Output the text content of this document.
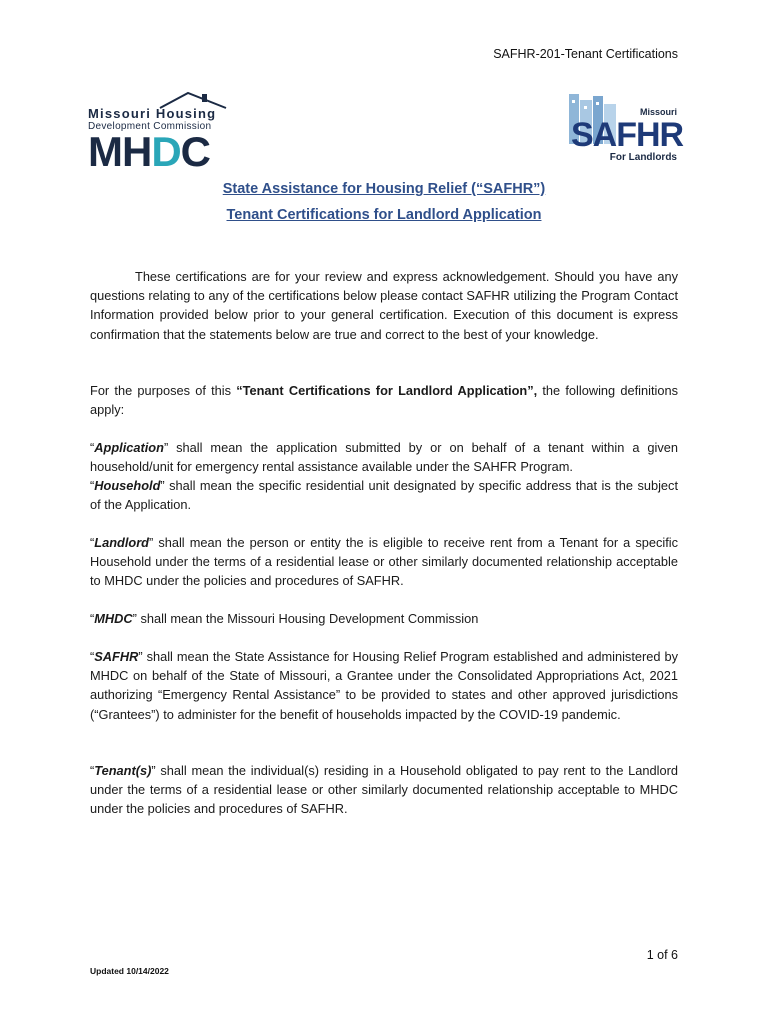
SAFHR-201-Tenant Certifications
Missouri Housing
Development Commission
MHDC
Missouri
SAFHR
For Landlords
State Assistance for Housing Relief (“SAFHR”)
Tenant Certifications for Landlord Application
These certifications are for your review and express acknowledgement. Should you have any questions relating to any of the certifications below please contact SAFHR utilizing the Program Contact Information provided below prior to your general certification. Execution of this document is express confirmation that the statements below are true and correct to the best of your knowledge.
For the purposes of this “Tenant Certifications for Landlord Application”, the following definitions apply:
“Application” shall mean the application submitted by or on behalf of a tenant within a given household/unit for emergency rental assistance available under the SAHFR Program.
“Household” shall mean the specific residential unit designated by specific address that is the subject of the Application.
“Landlord” shall mean the person or entity the is eligible to receive rent from a Tenant for a specific Household under the terms of a residential lease or other similarly documented relationship acceptable to MHDC under the policies and procedures of SAFHR.
“MHDC” shall mean the Missouri Housing Development Commission
“SAFHR” shall mean the State Assistance for Housing Relief Program established and administered by MHDC on behalf of the State of Missouri, a Grantee under the Consolidated Appropriations Act, 2021 authorizing “Emergency Rental Assistance” to be provided to states and other approved jurisdictions (“Grantees”) to administer for the benefit of households impacted by the COVID-19 pandemic.
“Tenant(s)” shall mean the individual(s) residing in a Household obligated to pay rent to the Landlord under the terms of a residential lease or other similarly documented relationship acceptable to MHDC under the policies and procedures of SAFHR.
1 of 6
Updated 10/14/2022
